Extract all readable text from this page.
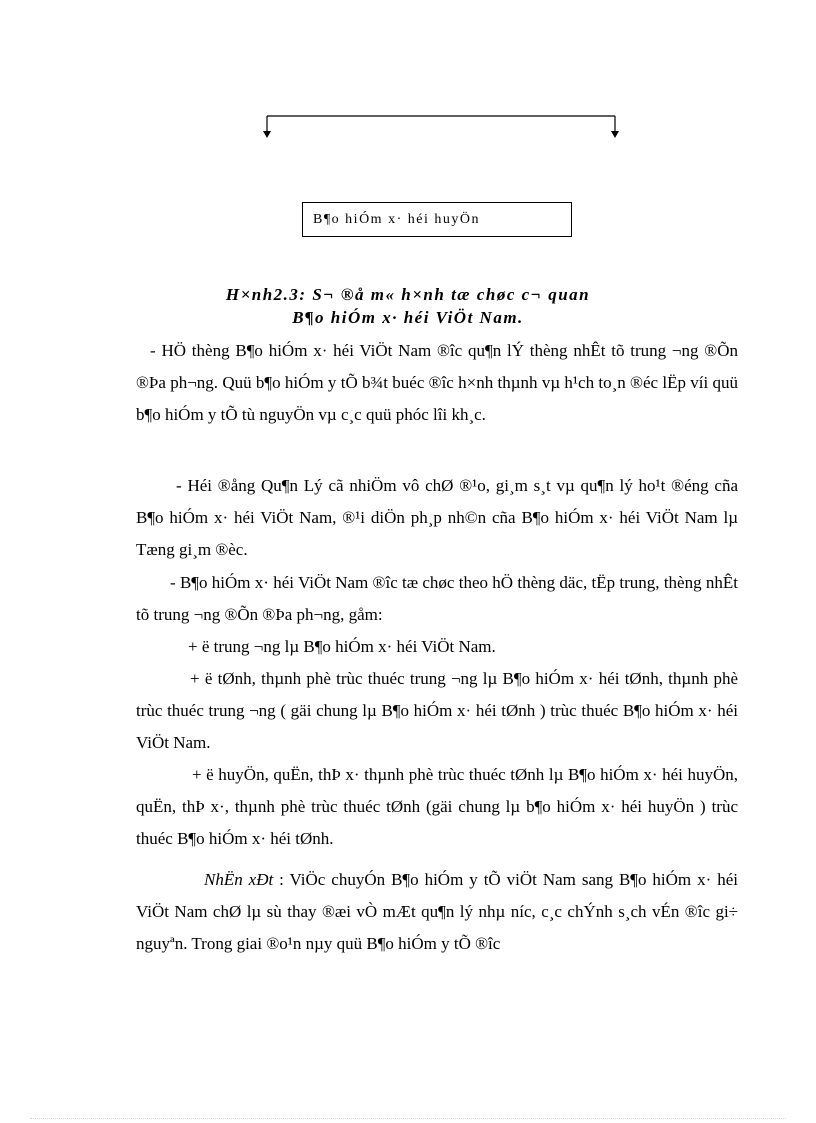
B¶o hiÓm x· héi huyÖn
H×nh2.3: S¬ ®å m« h×nh tæ chøc c¬ quan
B¶o hiÓm x· héi ViÖt Nam.
- HÖ thèng B¶o hiÓm x· héi ViÖt Nam ®îc qu¶n lÝ thèng nhÊt tõ trung ¬ng ®Õn ®Þa ph¬ng. Quü b¶o hiÓm y tÕ b¾t buéc ®îc h×nh thµnh vµ h¹ch to¸n ®éc lËp víi quü b¶o hiÓm y tÕ tù nguyÖn vµ c¸c quü phóc lîi kh¸c.
- Héi ®ång Qu¶n Lý cã nhiÖm vô chØ ®¹o, gi¸m s¸t vµ qu¶n lý ho¹t ®éng cña B¶o hiÓm x· héi ViÖt Nam, ®¹i diÖn ph¸p nh©n cña B¶o hiÓm x· héi ViÖt Nam lµ Tæng gi¸m ®èc.
- B¶o hiÓm x· héi ViÖt Nam ®îc tæ chøc theo hÖ thèng däc, tËp trung, thèng nhÊt tõ trung ¬ng ®Õn ®Þa ph¬ng, gåm:
+ ë trung ¬ng lµ B¶o hiÓm x· héi ViÖt Nam.
+ ë tØnh, thµnh phè trùc thuéc trung ¬ng lµ B¶o hiÓm x· héi tØnh, thµnh phè trùc thuéc trung ¬ng ( gäi chung lµ B¶o hiÓm x· héi tØnh ) trùc thuéc B¶o hiÓm x· héi ViÖt Nam.
+ ë huyÖn, quËn, thÞ x· thµnh phè trùc thuéc tØnh lµ B¶o hiÓm x· héi huyÖn, quËn, thÞ x·, thµnh phè trùc thuéc tØnh (gäi chung lµ b¶o hiÓm x· héi huyÖn ) trùc thuéc B¶o hiÓm x· héi tØnh.
NhËn xÐt : ViÖc chuyÓn B¶o hiÓm y tÕ viÖt Nam sang B¶o hiÓm x· héi ViÖt Nam chØ lµ sù thay ®æi vÒ mÆt qu¶n lý nhµ níc, c¸c chÝnh s¸ch vÉn ®îc gi÷ nguyªn. Trong giai ®o¹n nµy quü B¶o hiÓm y tÕ ®îc
